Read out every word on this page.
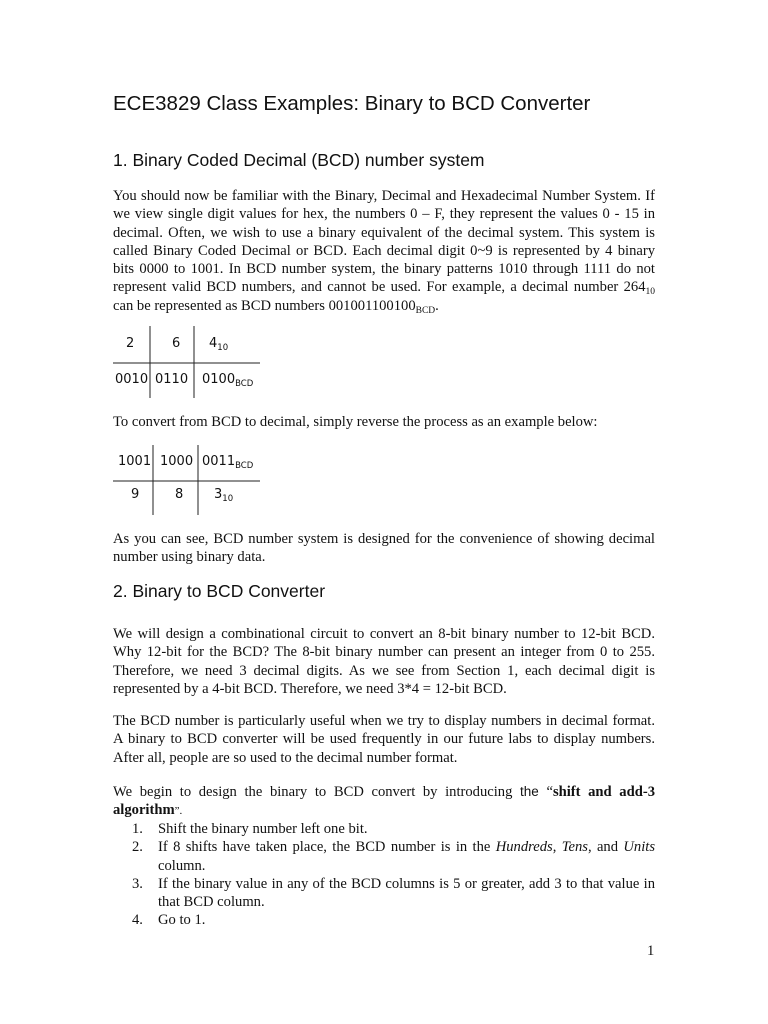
ECE3829 Class Examples: Binary to BCD Converter
1. Binary Coded Decimal (BCD) number system

You should now be familiar with the Binary, Decimal and Hexadecimal Number System. If we view single digit values for hex, the numbers 0 – F, they represent the values 0 - 15 in decimal. Often, we wish to use a binary equivalent of the decimal system. This system is called Binary Coded Decimal or BCD. Each decimal digit 0~9 is represented by 4 binary bits 0000 to 1001. In BCD number system, the binary patterns 1010 through 1111 do not represent valid BCD numbers, and cannot be used. For example, a decimal number $264_{10}$ can be represented as BCD numbers $001001100100_{BCD}$.

2	6 $4_{10}$
0010 0110 $0100_{BCD}$

To convert from BCD to decimal, simply reverse the process as an example below:

1001 1000 $0011_{BCD}$
9	8 $3_{10}$

As you can see, BCD number system is designed for the convenience of showing decimal number using binary data.

2. Binary to BCD Converter

We will design a combinational circuit to convert an 8-bit binary number to 12-bit BCD. Why 12-bit for the BCD? The 8-bit binary number can present an integer from 0 to 255. Therefore, we need 3 decimal digits. As we see from Section 1, each decimal digit is represented by a 4-bit BCD. Therefore, we need 3*4 = 12-bit BCD.

The BCD number is particularly useful when we try to display numbers in decimal format. A binary to BCD converter will be used frequently in our future labs to display numbers. After all, people are so used to the decimal number format.

We begin to design the binary to BCD convert by introducing the “shift and add-3 algorithm”.

1. Shift the binary number left one bit.
2. If 8 shifts have taken place, the BCD number is in the Hundreds, Tens, and Units column.
3. If the binary value in any of the BCD columns is 5 or greater, add 3 to that value in that BCD column.
4. Go to 1.
1
